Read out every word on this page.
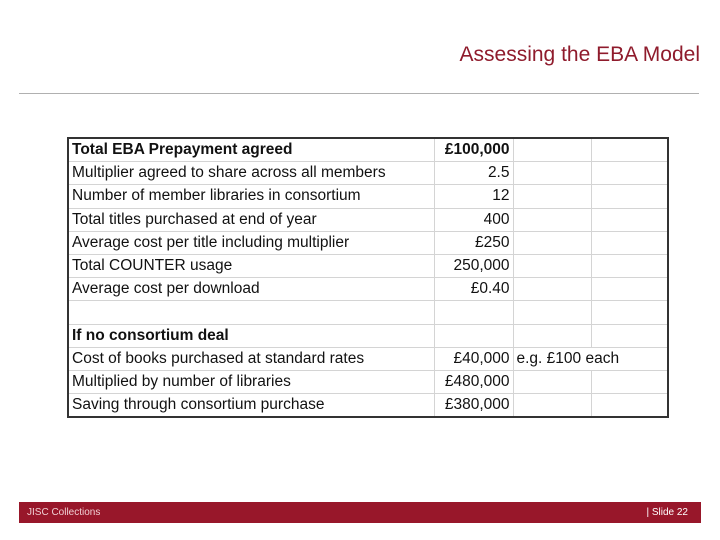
Assessing the EBA Model
Total EBA Prepayment agreed	£100,000		
Multiplier agreed to share across all members	2.5		
Number of member libraries in consortium	12		
Total titles purchased at end of year	400		
Average cost per title including multiplier	£250		
Total COUNTER usage	250,000		
Average cost per download	£0.40		

If no consortium deal			
Cost of books purchased at standard rates	£40,000	e.g. £100 each	
Multiplied by number of libraries	£480,000		
Saving through consortium purchase	£380,000		
JISC Collections	| Slide 22
